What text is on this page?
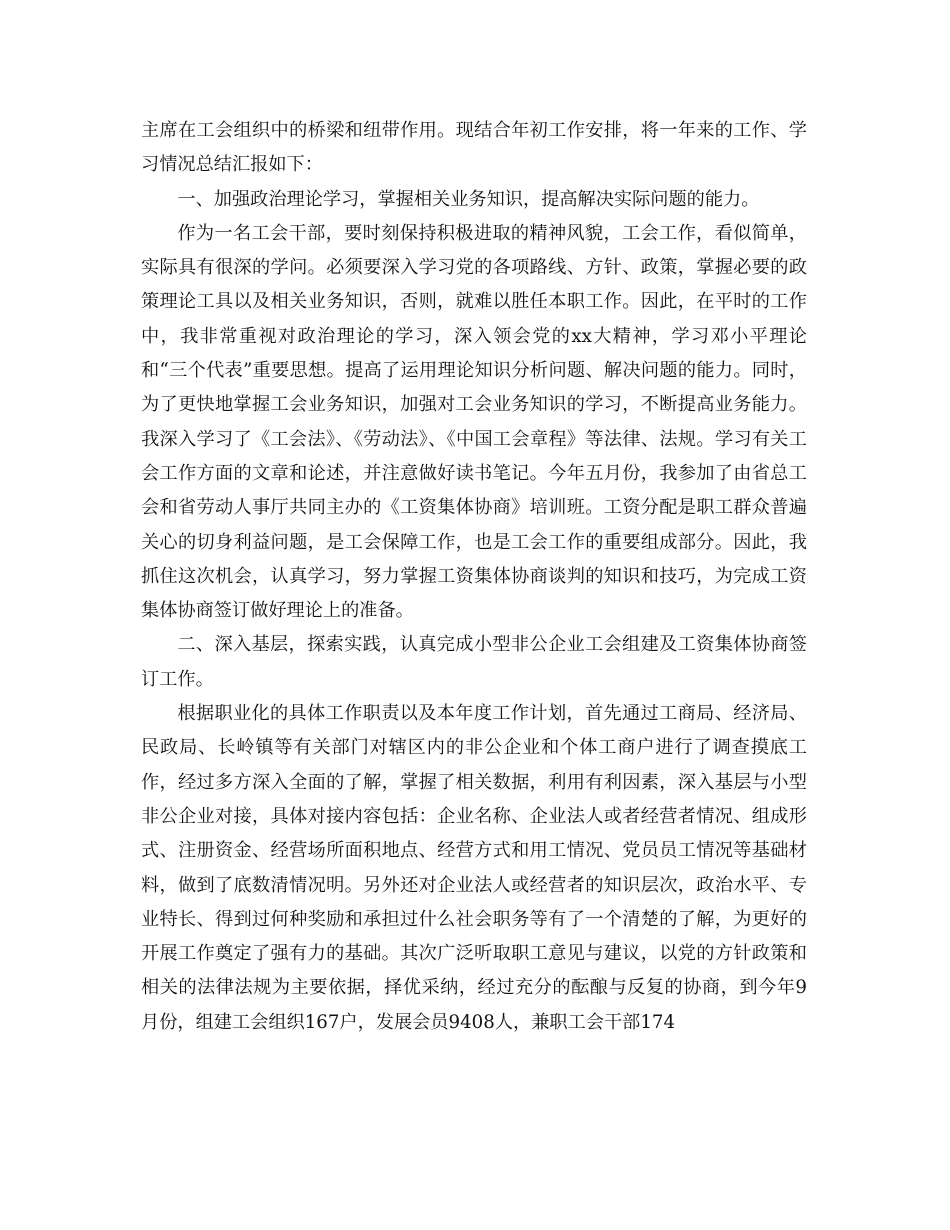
主席在工会组织中的桥梁和纽带作用。现结合年初工作安排，将一年来的工作、学习情况总结汇报如下：

一、加强政治理论学习，掌握相关业务知识，提高解决实际问题的能力。

作为一名工会干部，要时刻保持积极进取的精神风貌，工会工作，看似简单，实际具有很深的学问。必须要深入学习党的各项路线、方针、政策，掌握必要的政策理论工具以及相关业务知识，否则，就难以胜任本职工作。因此，在平时的工作中，我非常重视对政治理论的学习，深入领会党的xx大精神，学习邓小平理论和“三个代表”重要思想。提高了运用理论知识分析问题、解决问题的能力。同时，为了更快地掌握工会业务知识，加强对工会业务知识的学习，不断提高业务能力。我深入学习了《工会法》、《劳动法》、《中国工会章程》等法律、法规。学习有关工会工作方面的文章和论述，并注意做好读书笔记。今年五月份，我参加了由省总工会和省劳动人事厅共同主办的《工资集体协商》培训班。工资分配是职工群众普遍关心的切身利益问题，是工会保障工作，也是工会工作的重要组成部分。因此，我抓住这次机会，认真学习，努力掌握工资集体协商谈判的知识和技巧，为完成工资集体协商签订做好理论上的准备。

二、深入基层，探索实践，认真完成小型非公企业工会组建及工资集体协商签订工作。

根据职业化的具体工作职责以及本年度工作计划，首先通过工商局、经济局、民政局、长岭镇等有关部门对辖区内的非公企业和个体工商户进行了调查摸底工作，经过多方深入全面的了解，掌握了相关数据，利用有利因素，深入基层与小型非公企业对接，具体对接内容包括：企业名称、企业法人或者经营者情况、组成形式、注册资金、经营场所面积地点、经营方式和用工情况、党员员工情况等基础材料，做到了底数清情况明。另外还对企业法人或经营者的知识层次，政治水平、专业特长、得到过何种奖励和承担过什么社会职务等有了一个清楚的了解，为更好的开展工作奠定了强有力的基础。其次广泛听取职工意见与建议，以党的方针政策和相关的法律法规为主要依据，择优采纳，经过充分的酝酿与反复的协商，到今年9月份，组建工会组织167户，发展会员9408人，兼职工会干部174
